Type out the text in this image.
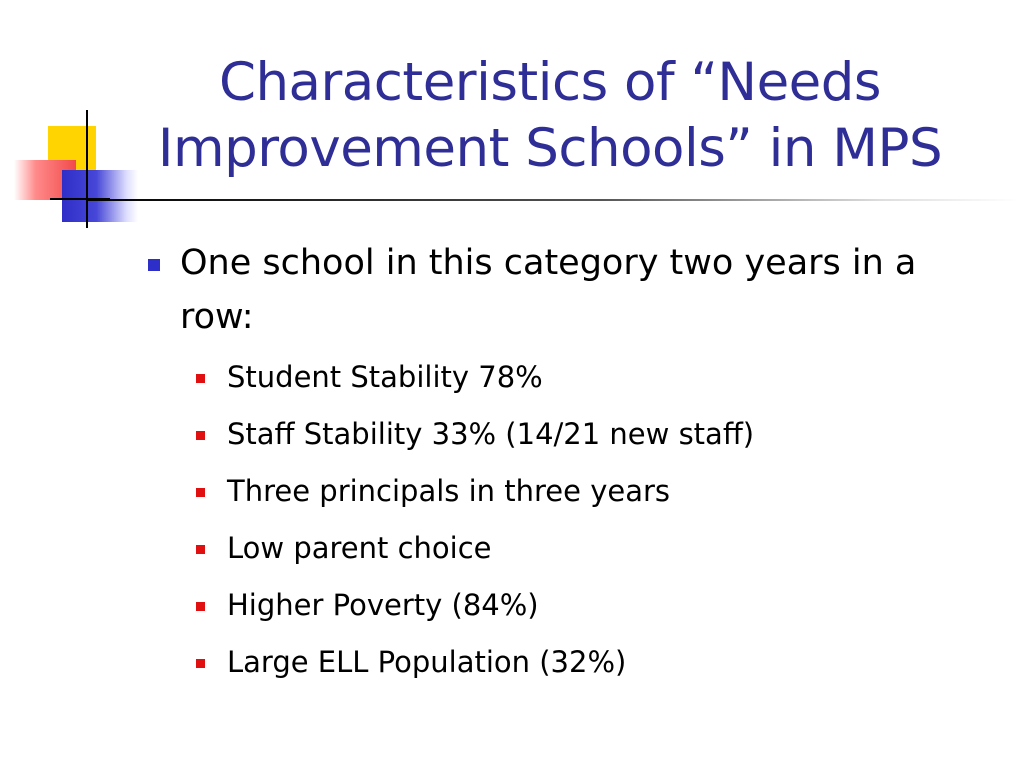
Characteristics of “Needs
Improvement Schools” in MPS
One school in this category two years in a row:
Student Stability 78%
Staff Stability 33% (14/21 new staff)
Three principals in three years
Low parent choice
Higher Poverty (84%)
Large ELL Population (32%)
